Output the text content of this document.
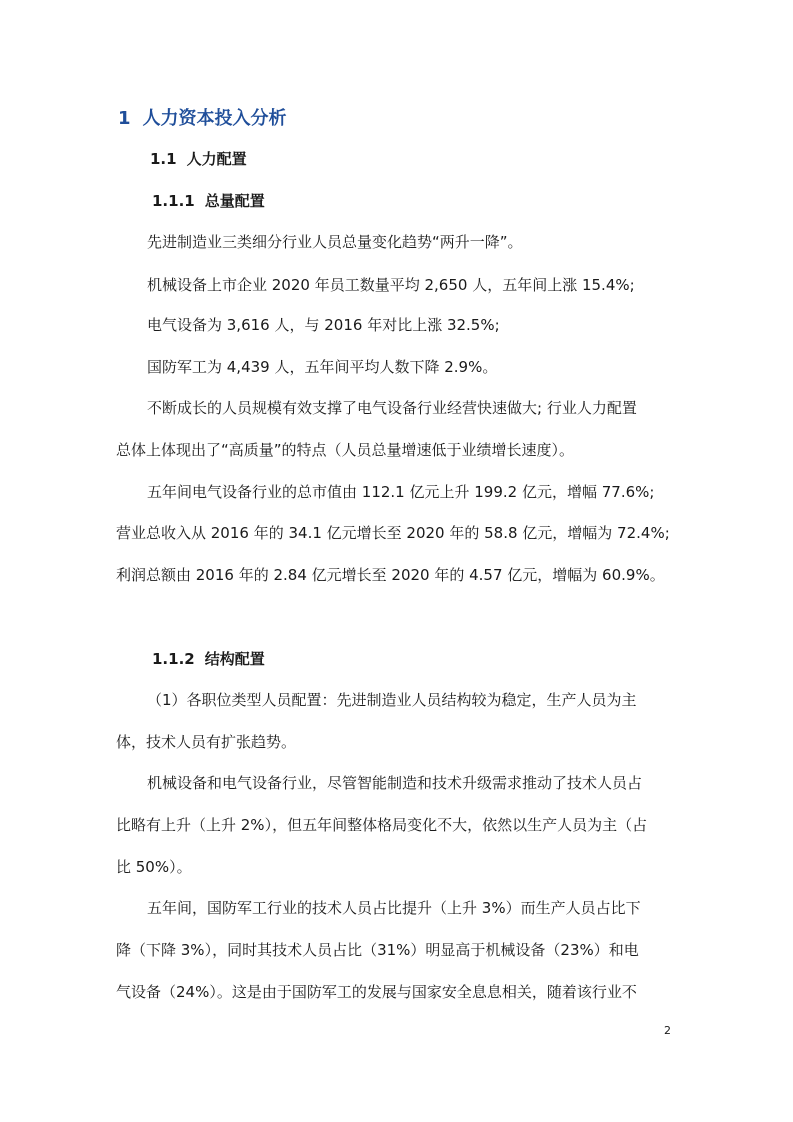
1 人力资本投入分析
1.1 人力配置
1.1.1 总量配置
先进制造业三类细分行业人员总量变化趋势“两升一降”。
机械设备上市企业 2020 年员工数量平均 2,650 人，五年间上涨 15.4%;
电气设备为 3,616 人，与 2016 年对比上涨 32.5%;
国防军工为 4,439 人，五年间平均人数下降 2.9%。
不断成长的人员规模有效支撑了电气设备行业经营快速做大; 行业人力配置
总体上体现出了“高质量”的特点（人员总量增速低于业绩增长速度）。
五年间电气设备行业的总市值由 112.1 亿元上升 199.2 亿元，增幅 77.6%;
营业总收入从 2016 年的 34.1 亿元增长至 2020 年的 58.8 亿元，增幅为 72.4%;
利润总额由 2016 年的 2.84 亿元增长至 2020 年的 4.57 亿元，增幅为 60.9%。
1.1.2 结构配置
（1）各职位类型人员配置：先进制造业人员结构较为稳定，生产人员为主
体，技术人员有扩张趋势。
机械设备和电气设备行业，尽管智能制造和技术升级需求推动了技术人员占
比略有上升（上升 2%），但五年间整体格局变化不大，依然以生产人员为主（占
比 50%）。
五年间，国防军工行业的技术人员占比提升（上升 3%）而生产人员占比下
降（下降 3%），同时其技术人员占比（31%）明显高于机械设备（23%）和电
气设备（24%）。这是由于国防军工的发展与国家安全息息相关，随着该行业不
2
